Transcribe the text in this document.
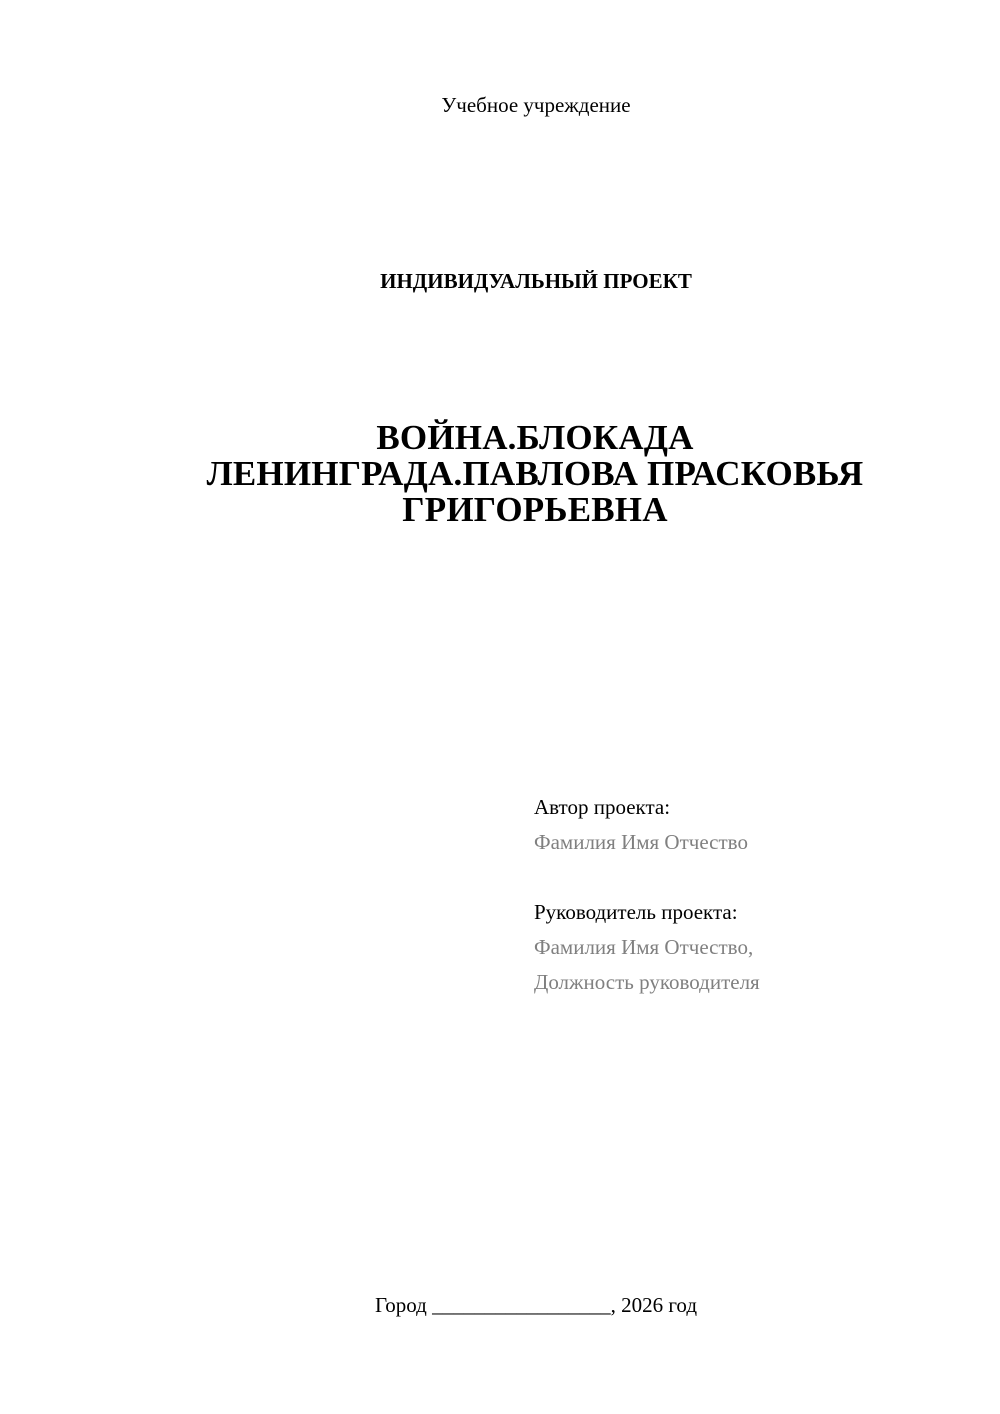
Учебное учреждение
ИНДИВИДУАЛЬНЫЙ ПРОЕКТ
ВОЙНА.БЛОКАДА
ЛЕНИНГРАДА.ПАВЛОВА ПРАСКОВЬЯ
ГРИГОРЬЕВНА
Автор проекта:
Фамилия Имя Отчество
Руководитель проекта:
Фамилия Имя Отчество,
Должность руководителя
Город _________________, 2026 год
